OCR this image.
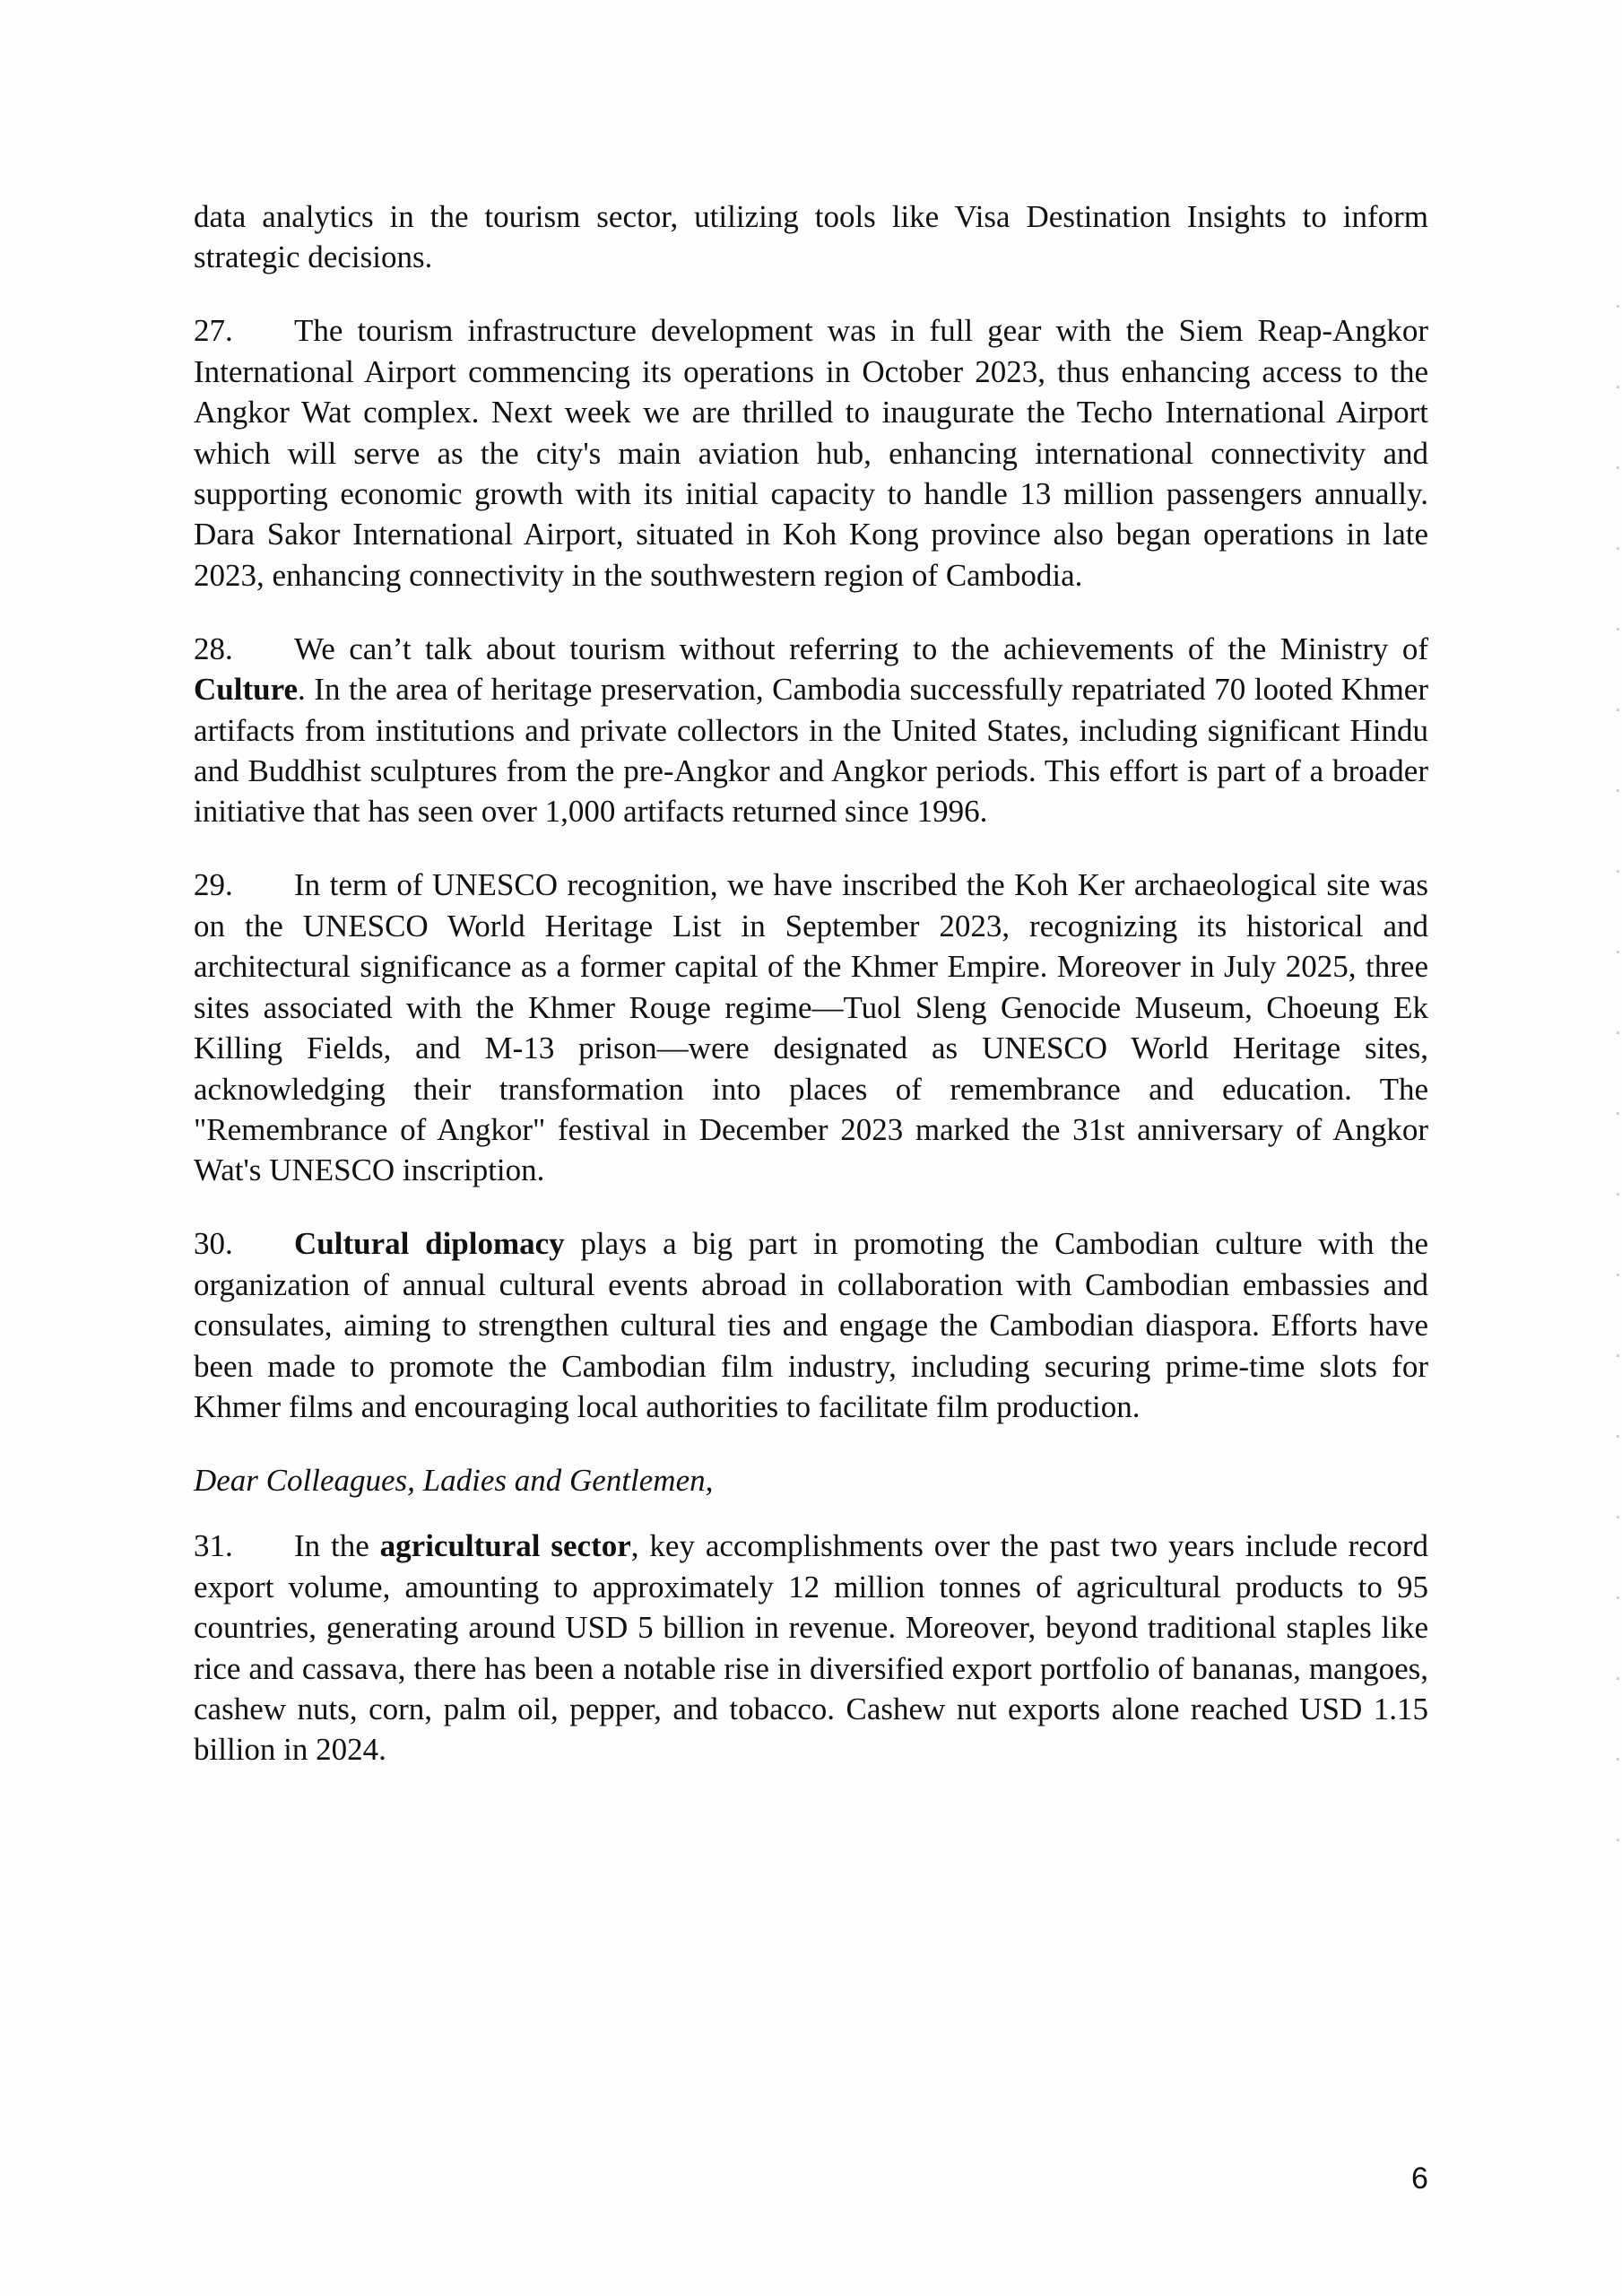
data analytics in the tourism sector, utilizing tools like Visa Destination Insights to inform strategic decisions.

27. The tourism infrastructure development was in full gear with the Siem Reap-Angkor International Airport commencing its operations in October 2023, thus enhancing access to the Angkor Wat complex. Next week we are thrilled to inaugurate the Techo International Airport which will serve as the city's main aviation hub, enhancing international connectivity and supporting economic growth with its initial capacity to handle 13 million passengers annually. Dara Sakor International Airport, situated in Koh Kong province also began operations in late 2023, enhancing connectivity in the southwestern region of Cambodia.

28. We can’t talk about tourism without referring to the achievements of the Ministry of Culture. In the area of heritage preservation, Cambodia successfully repatriated 70 looted Khmer artifacts from institutions and private collectors in the United States, including significant Hindu and Buddhist sculptures from the pre-Angkor and Angkor periods. This effort is part of a broader initiative that has seen over 1,000 artifacts returned since 1996.

29. In term of UNESCO recognition, we have inscribed the Koh Ker archaeological site was on the UNESCO World Heritage List in September 2023, recognizing its historical and architectural significance as a former capital of the Khmer Empire. Moreover in July 2025, three sites associated with the Khmer Rouge regime—Tuol Sleng Genocide Museum, Choeung Ek Killing Fields, and M-13 prison—were designated as UNESCO World Heritage sites, acknowledging their transformation into places of remembrance and education. The "Remembrance of Angkor" festival in December 2023 marked the 31st anniversary of Angkor Wat's UNESCO inscription.

30. Cultural diplomacy plays a big part in promoting the Cambodian culture with the organization of annual cultural events abroad in collaboration with Cambodian embassies and consulates, aiming to strengthen cultural ties and engage the Cambodian diaspora. Efforts have been made to promote the Cambodian film industry, including securing prime-time slots for Khmer films and encouraging local authorities to facilitate film production.

Dear Colleagues, Ladies and Gentlemen,

31. In the agricultural sector, key accomplishments over the past two years include record export volume, amounting to approximately 12 million tonnes of agricultural products to 95 countries, generating around USD 5 billion in revenue. Moreover, beyond traditional staples like rice and cassava, there has been a notable rise in diversified export portfolio of bananas, mangoes, cashew nuts, corn, palm oil, pepper, and tobacco. Cashew nut exports alone reached USD 1.15 billion in 2024.

6
